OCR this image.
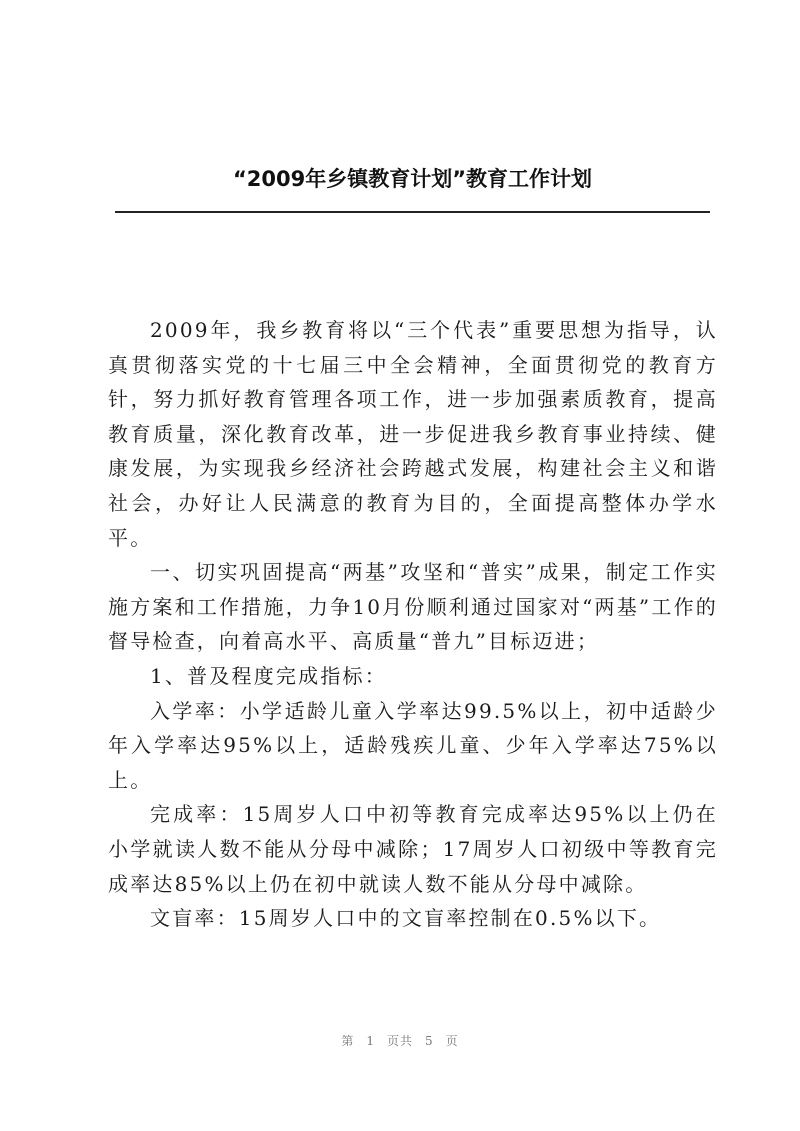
“2009年乡镇教育计划”教育工作计划

2009年，我乡教育将以“三个代表”重要思想为指导，认真贯彻落实党的十七届三中全会精神，全面贯彻党的教育方针，努力抓好教育管理各项工作，进一步加强素质教育，提高教育质量，深化教育改革，进一步促进我乡教育事业持续、健康发展，为实现我乡经济社会跨越式发展，构建社会主义和谐社会，办好让人民满意的教育为目的，全面提高整体办学水平。

一、切实巩固提高“两基”攻坚和“普实”成果，制定工作实施方案和工作措施，力争10月份顺利通过国家对“两基”工作的督导检查，向着高水平、高质量“普九”目标迈进；

1、普及程度完成指标：

入学率：小学适龄儿童入学率达99.5%以上，初中适龄少年入学率达95%以上，适龄残疾儿童、少年入学率达75%以上。

完成率：15周岁人口中初等教育完成率达95%以上仍在小学就读人数不能从分母中减除；17周岁人口初级中等教育完成率达85%以上仍在初中就读人数不能从分母中减除。

文盲率：15周岁人口中的文盲率控制在0.5%以下。

第 1 页共 5 页
